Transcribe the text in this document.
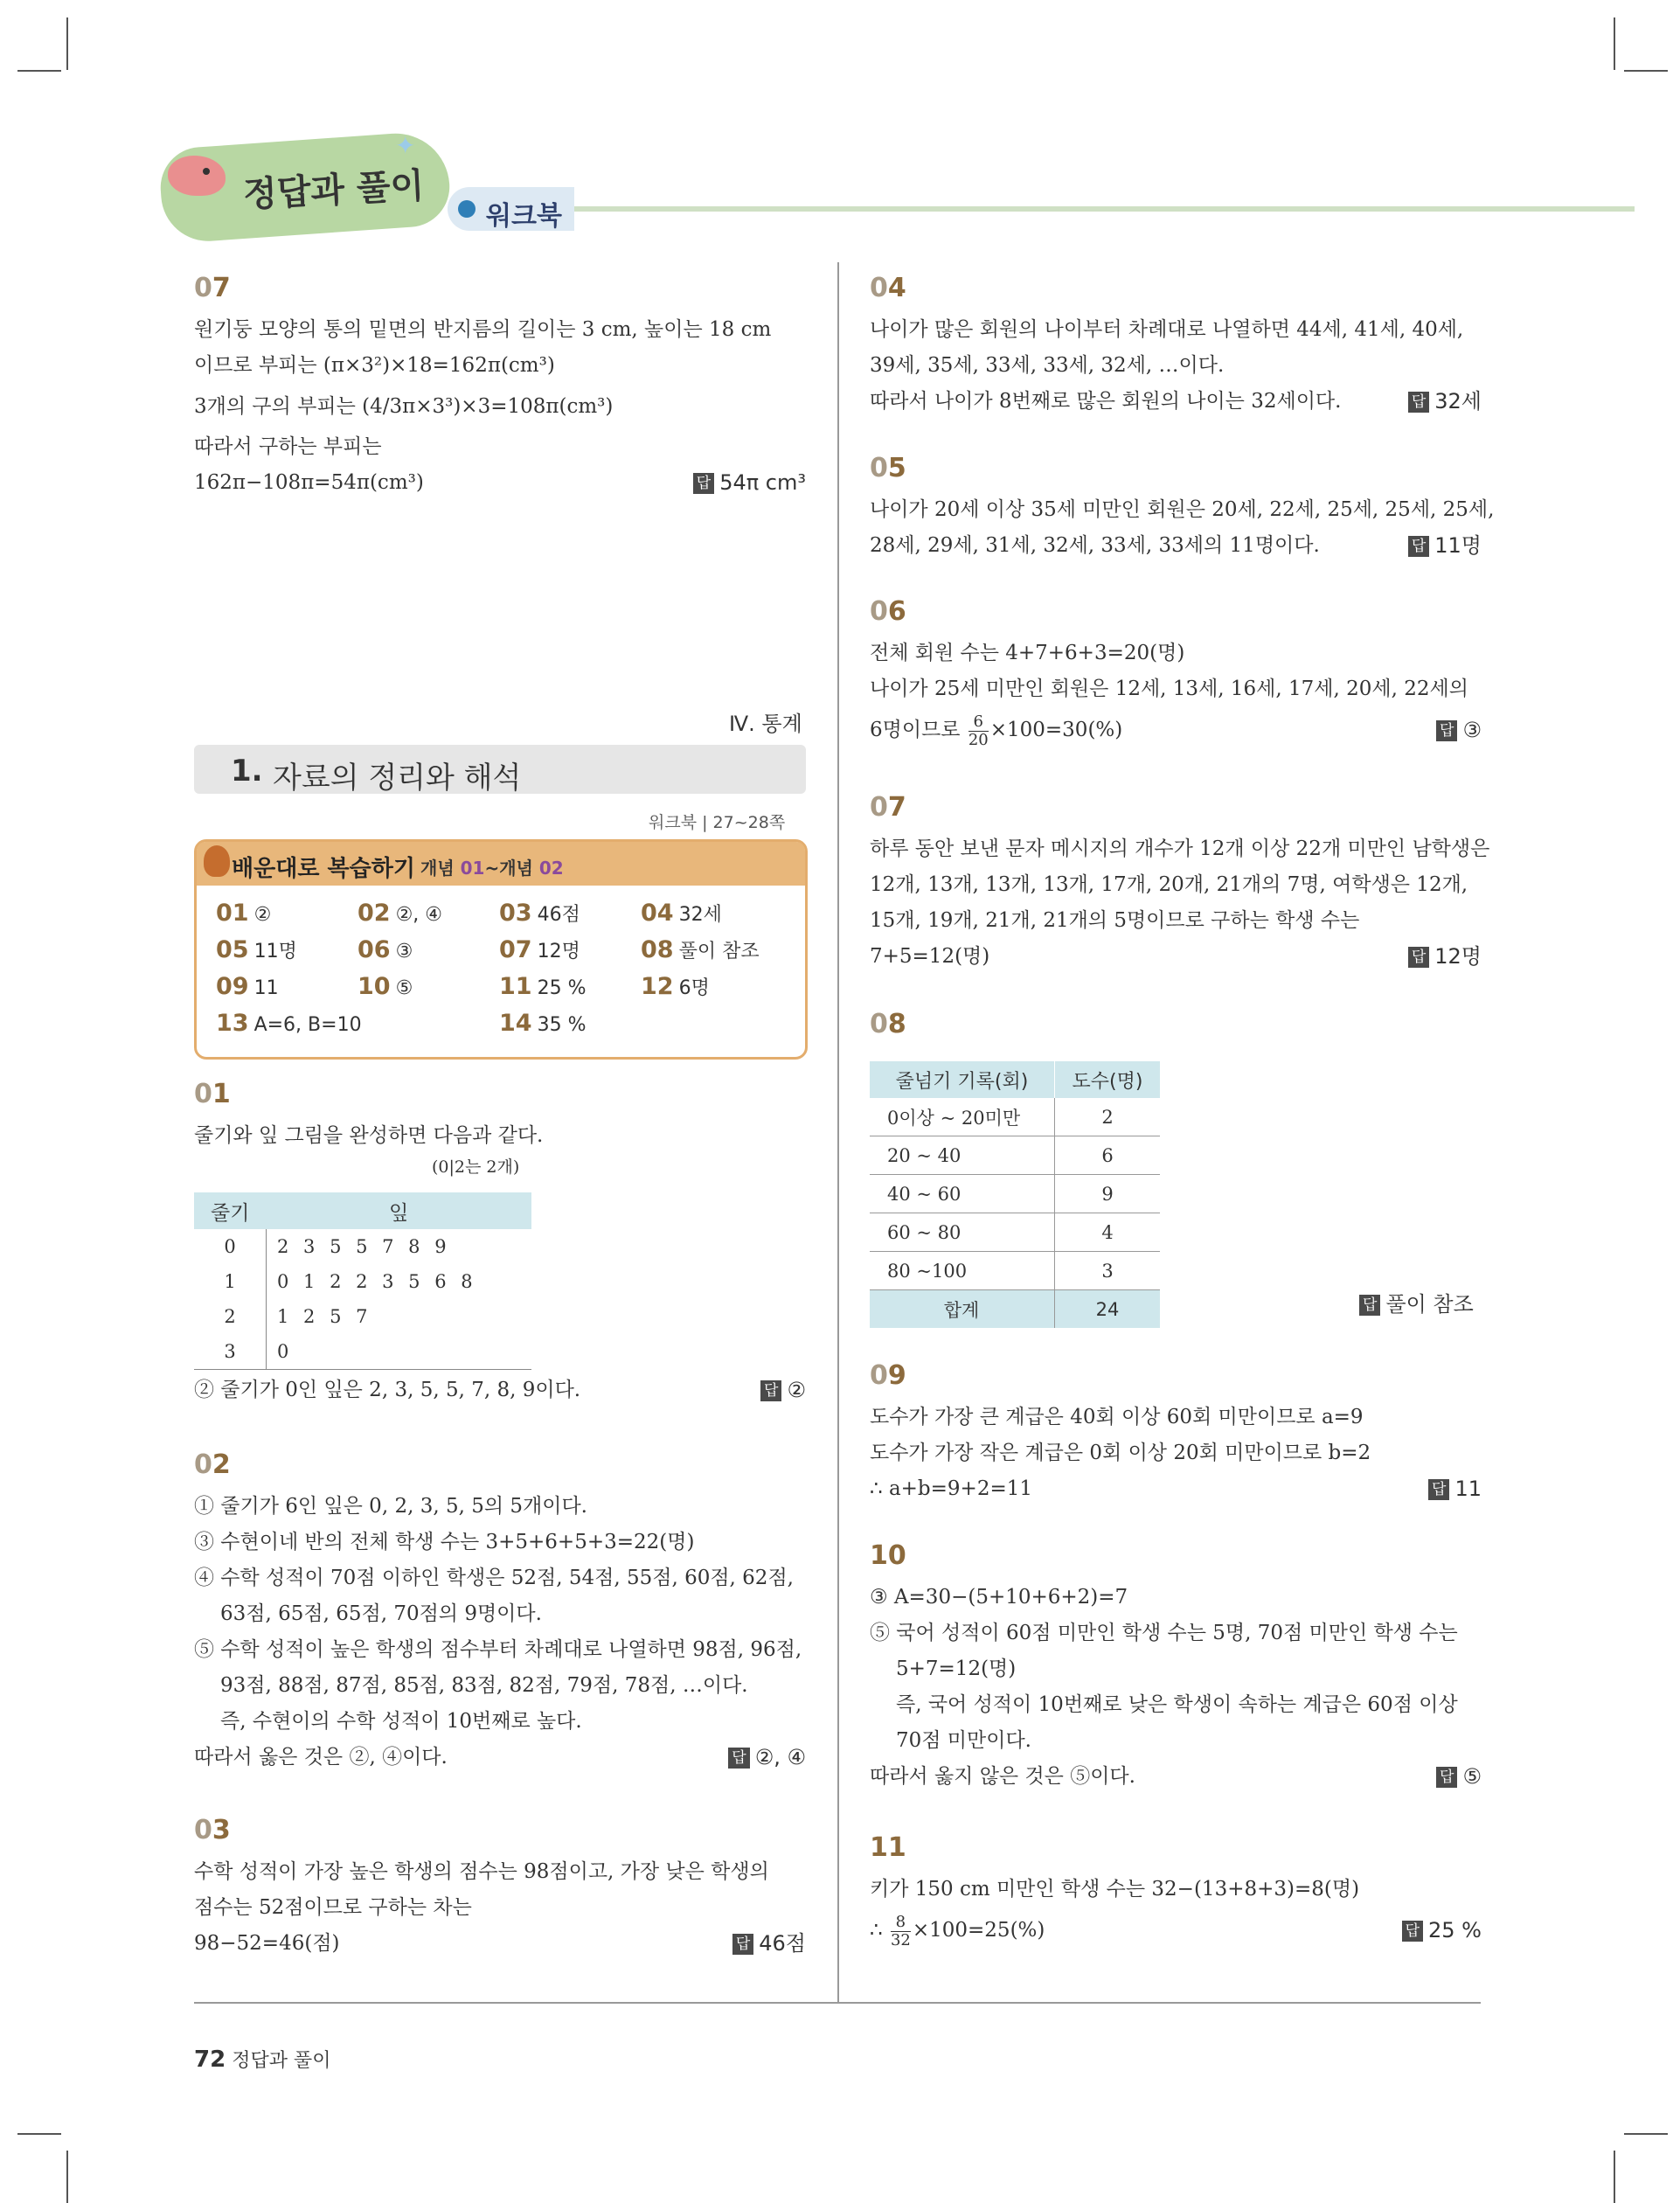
✦
정답과 풀이
워크북
07

원기둥 모양의 통의 밑면의 반지름의 길이는 3 cm, 높이는 18 cm

이므로 부피는 (π×3²)×18=162π(cm³)

3개의 구의 부피는 (4/3π×3³)×3=108π(cm³)

따라서 구하는 부피는

162π−108π=54π(cm³)	답 54π cm³

Ⅳ. 통계
1. 자료의 정리와 해석
워크북 | 27~28쪽
배운대로 복습하기 개념 01~개념 02
01 ②	02 ②, ④ 03 46점	04 32세
05 11명	06 ③	07 12명	08 풀이 참조
09 11	10 ⑤	11 25 % 12 6명
13 A=6, B=10	14 35 %
01

줄기와 잎 그림을 완성하면 다음과 같다.

(0|2는 2개)

줄기	잎
0	2 3 5 5 7 8 9
1	0 1 2 2 3 5 6 8
2	1 2 5 7
3	0

② 줄기가 0인 잎은 2, 3, 5, 5, 7, 8, 9이다.	답 ②

02

① 줄기가 6인 잎은 0, 2, 3, 5, 5의 5개이다.

③ 수현이네 반의 전체 학생 수는 3+5+6+5+3=22(명)

④ 수학 성적이 70점 이하인 학생은 52점, 54점, 55점, 60점, 62점,

63점, 65점, 65점, 70점의 9명이다.

⑤ 수학 성적이 높은 학생의 점수부터 차례대로 나열하면 98점, 96점,

93점, 88점, 87점, 85점, 83점, 82점, 79점, 78점, …이다.

즉, 수현이의 수학 성적이 10번째로 높다.

따라서 옳은 것은 ②, ④이다.	답 ②, ④

03

수학 성적이 가장 높은 학생의 점수는 98점이고, 가장 낮은 학생의

점수는 52점이므로 구하는 차는

98−52=46(점)	답 46점

04

나이가 많은 회원의 나이부터 차례대로 나열하면 44세, 41세, 40세,

39세, 35세, 33세, 33세, 32세, …이다.

따라서 나이가 8번째로 많은 회원의 나이는 32세이다.	답 32세

05

나이가 20세 이상 35세 미만인 회원은 20세, 22세, 25세, 25세, 25세,

28세, 29세, 31세, 32세, 33세, 33세의 11명이다.	답 11명

06

전체 회원 수는 4+7+6+3=20(명)

나이가 25세 미만인 회원은 12세, 13세, 16세, 17세, 20세, 22세의

6명이므로 $\frac{6}{20} \times 100=30(\%)$	답 ③

07

하루 동안 보낸 문자 메시지의 개수가 12개 이상 22개 미만인 남학생은

12개, 13개, 13개, 13개, 17개, 20개, 21개의 7명, 여학생은 12개,

15개, 19개, 21개, 21개의 5명이므로 구하는 학생 수는

7+5=12(명)	답 12명

08
줄넘기 기록(회)	도수(명)
0이상 ~ 20미만	2
20 ~ 40	6
40 ~ 60	9
60 ~ 80	4
80 ~100	3
합계	24	답 풀이 참조
09

도수가 가장 큰 계급은 40회 이상 60회 미만이므로 a=9

도수가 가장 작은 계급은 0회 이상 20회 미만이므로 b=2

∴ a+b=9+2=11	답 11

10

③ A=30−(5+10+6+2)=7

⑤ 국어 성적이 60점 미만인 학생 수는 5명, 70점 미만인 학생 수는

5+7=12(명)

즉, 국어 성적이 10번째로 낮은 학생이 속하는 계급은 60점 이상

70점 미만이다.

따라서 옳지 않은 것은 ⑤이다.	답 ⑤

11

키가 150 cm 미만인 학생 수는 32−(13+8+3)=8(명)

∴ $\frac{8}{32} \times 100=25(\%)$	답 25 %

72 정답과 풀이
